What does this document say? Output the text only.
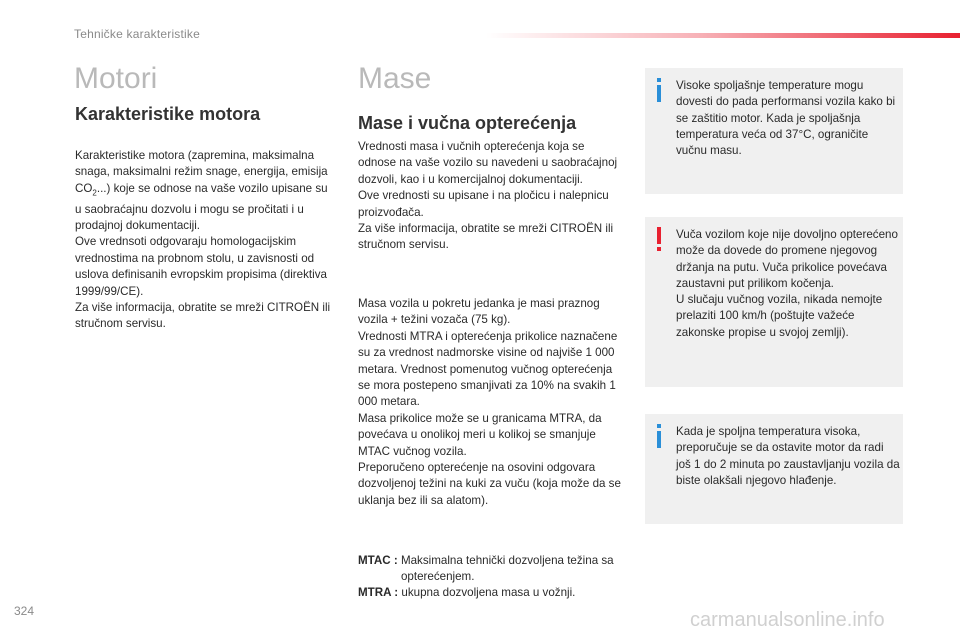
Tehničke karakteristike
Motori
Karakteristike motora

Karakteristike motora (zapremina, maksimalna snaga, maksimalni režim snage, energija, emisija $CO_2$...) koje se odnose na vaše vozilo upisane su u saobraćajnu dozvolu i mogu se pročitati i u prodajnoj dokumentaciji.

Ove vrednsoti odgovaraju homologacijskim vrednostima na probnom stolu, u zavisnosti od uslova definisanih evropskim propisima (direktiva 1999/99/CE).

Za više informacija, obratite se mreži CITROËN ili stručnom servisu.

Mase
Mase i vučna opterećenja

Vrednosti masa i vučnih opterećenja koja se odnose na vaše vozilo su navedeni u saobraćajnoj dozvoli, kao i u komercijalnoj dokumentaciji.

Ove vrednosti su upisane i na pločicu i nalepnicu proizvođača.

Za više informacija, obratite se mreži CITROËN ili stručnom servisu.

Masa vozila u pokretu jedanka je masi praznog vozila + težini vozača (75 kg).

Vrednosti MTRA i opterećenja prikolice naznačene su za vrednost nadmorske visine od najviše 1 000 metara. Vrednost pomenutog vučnog opterećenja se mora postepeno smanjivati za 10% na svakih 1 000 metara.

Masa prikolice može se u granicama MTRA, da povećava u onolikoj meri u kolikoj se smanjuje MTAC vučnog vozila.

Preporučeno opterećenje na osovini odgovara dozvoljenoj težini na kuki za vuču (koja može da se uklanja bez ili sa alatom).

MTAC : Maksimalna tehnički dozvoljena težina sa opterećenjem.
MTRA : ukupna dozvoljena masa u vožnji.
Visoke spoljašnje temperature mogu dovesti do pada performansi vozila kako bi se zaštitio motor. Kada je spoljašnja temperatura veća od 37°C, ograničite vučnu masu.
Vuča vozilom koje nije dovoljno opterećeno može da dovede do promene njegovog držanja na putu. Vuča prikolice povećava zaustavni put prilikom kočenja.
U slučaju vučnog vozila, nikada nemojte prelaziti 100 km/h (poštujte važeće zakonske propise u svojoj zemlji).
Kada je spoljna temperatura visoka, preporučuje se da ostavite motor da radi još 1 do 2 minuta po zaustavljanju vozila da biste olakšali njegovo hlađenje.
324	carmanualsonline.info
